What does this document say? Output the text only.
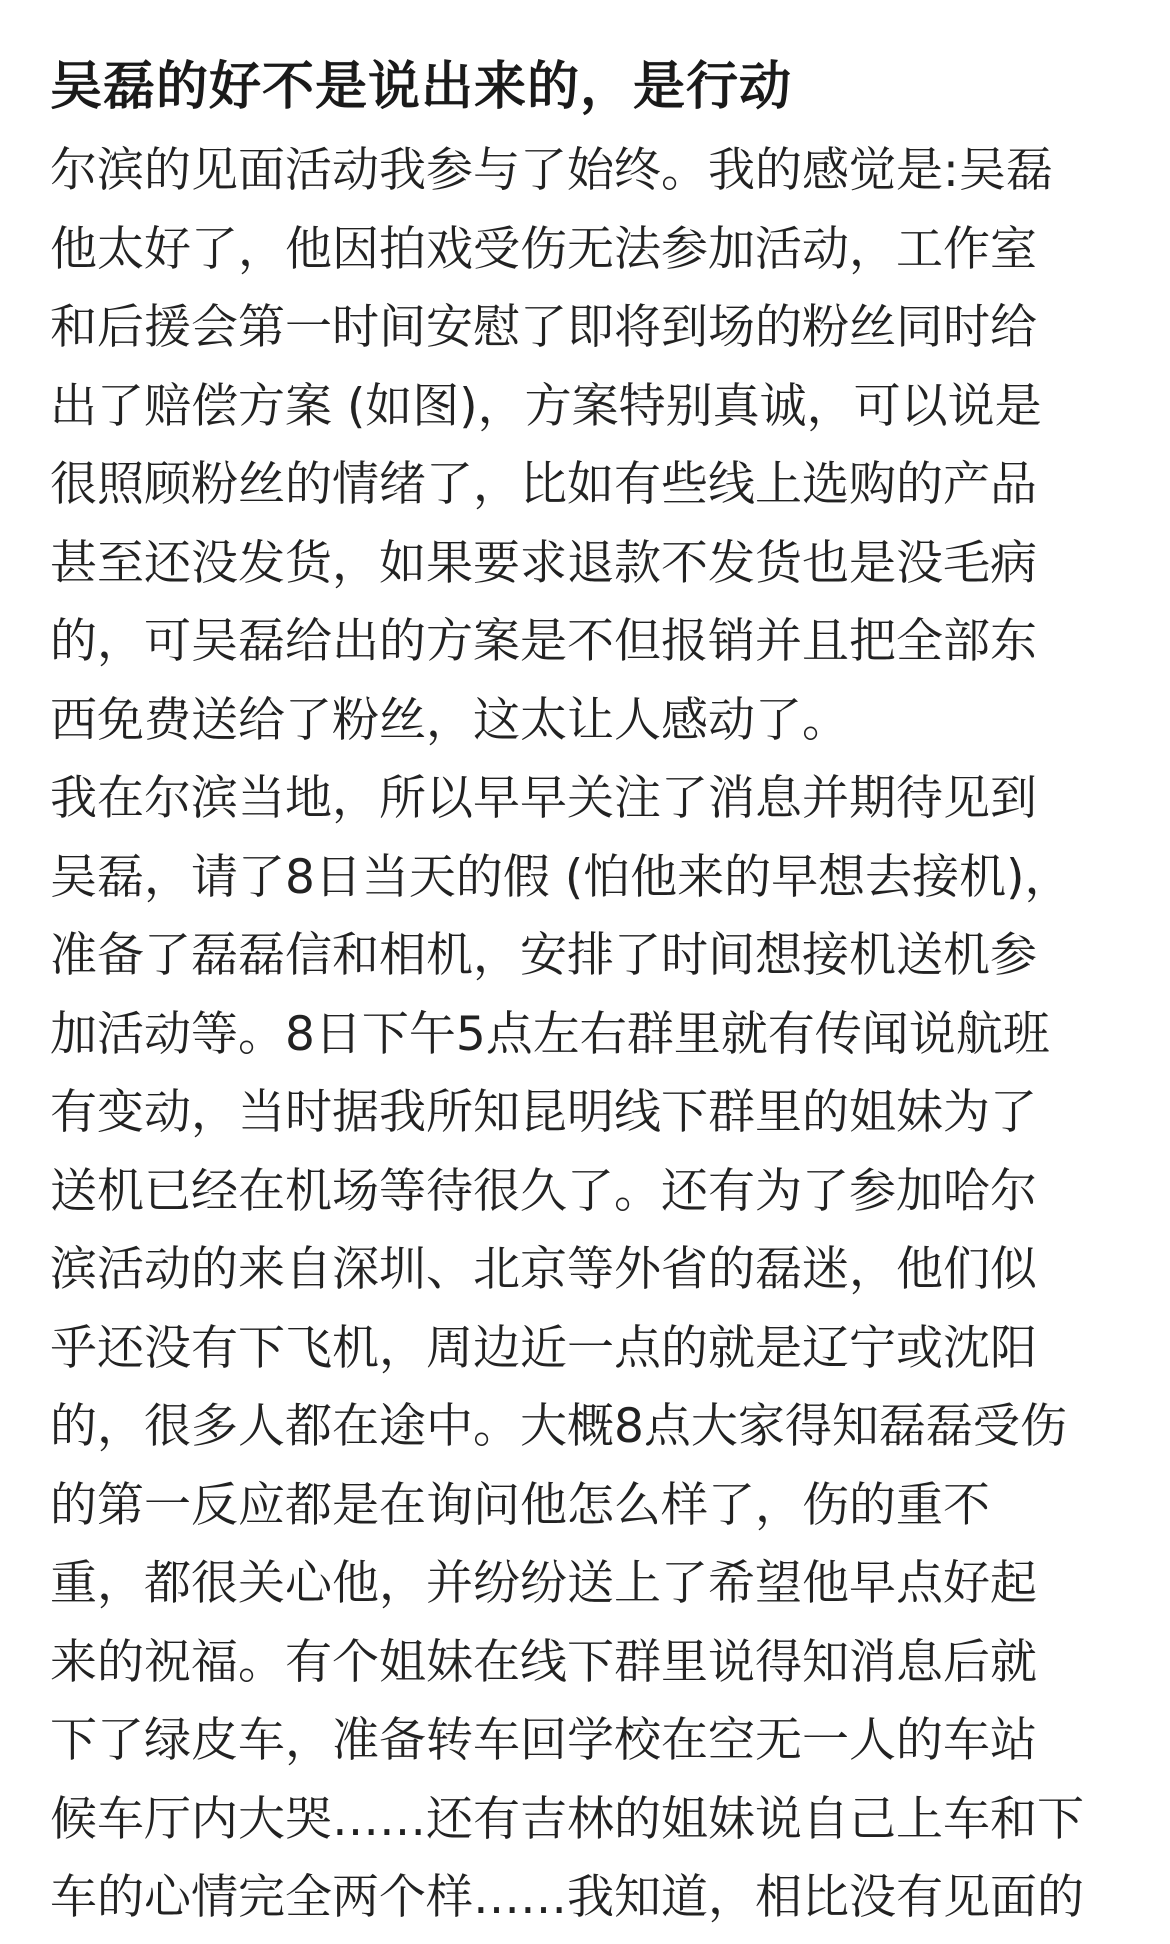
吴磊的好不是说出来的，是行动
尔滨的见面活动我参与了始终。我的感觉是:吴磊
他太好了，他因拍戏受伤无法参加活动，工作室
和后援会第一时间安慰了即将到场的粉丝同时给
出了赔偿方案 (如图)，方案特别真诚，可以说是
很照顾粉丝的情绪了，比如有些线上选购的产品
甚至还没发货，如果要求退款不发货也是没毛病
的，可吴磊给出的方案是不但报销并且把全部东
西免费送给了粉丝，这太让人感动了。
我在尔滨当地，所以早早关注了消息并期待见到
吴磊，请了8日当天的假 (怕他来的早想去接机)，
准备了磊磊信和相机，安排了时间想接机送机参
加活动等。8日下午5点左右群里就有传闻说航班
有变动，当时据我所知昆明线下群里的姐妹为了
送机已经在机场等待很久了。还有为了参加哈尔
滨活动的来自深圳、北京等外省的磊迷，他们似
乎还没有下飞机，周边近一点的就是辽宁或沈阳
的，很多人都在途中。大概8点大家得知磊磊受伤
的第一反应都是在询问他怎么样了，伤的重不
重，都很关心他，并纷纷送上了希望他早点好起
来的祝福。有个姐妹在线下群里说得知消息后就
下了绿皮车，准备转车回学校在空无一人的车站
候车厅内大哭……还有吉林的姐妹说自己上车和下
车的心情完全两个样……我知道，相比没有见面的
